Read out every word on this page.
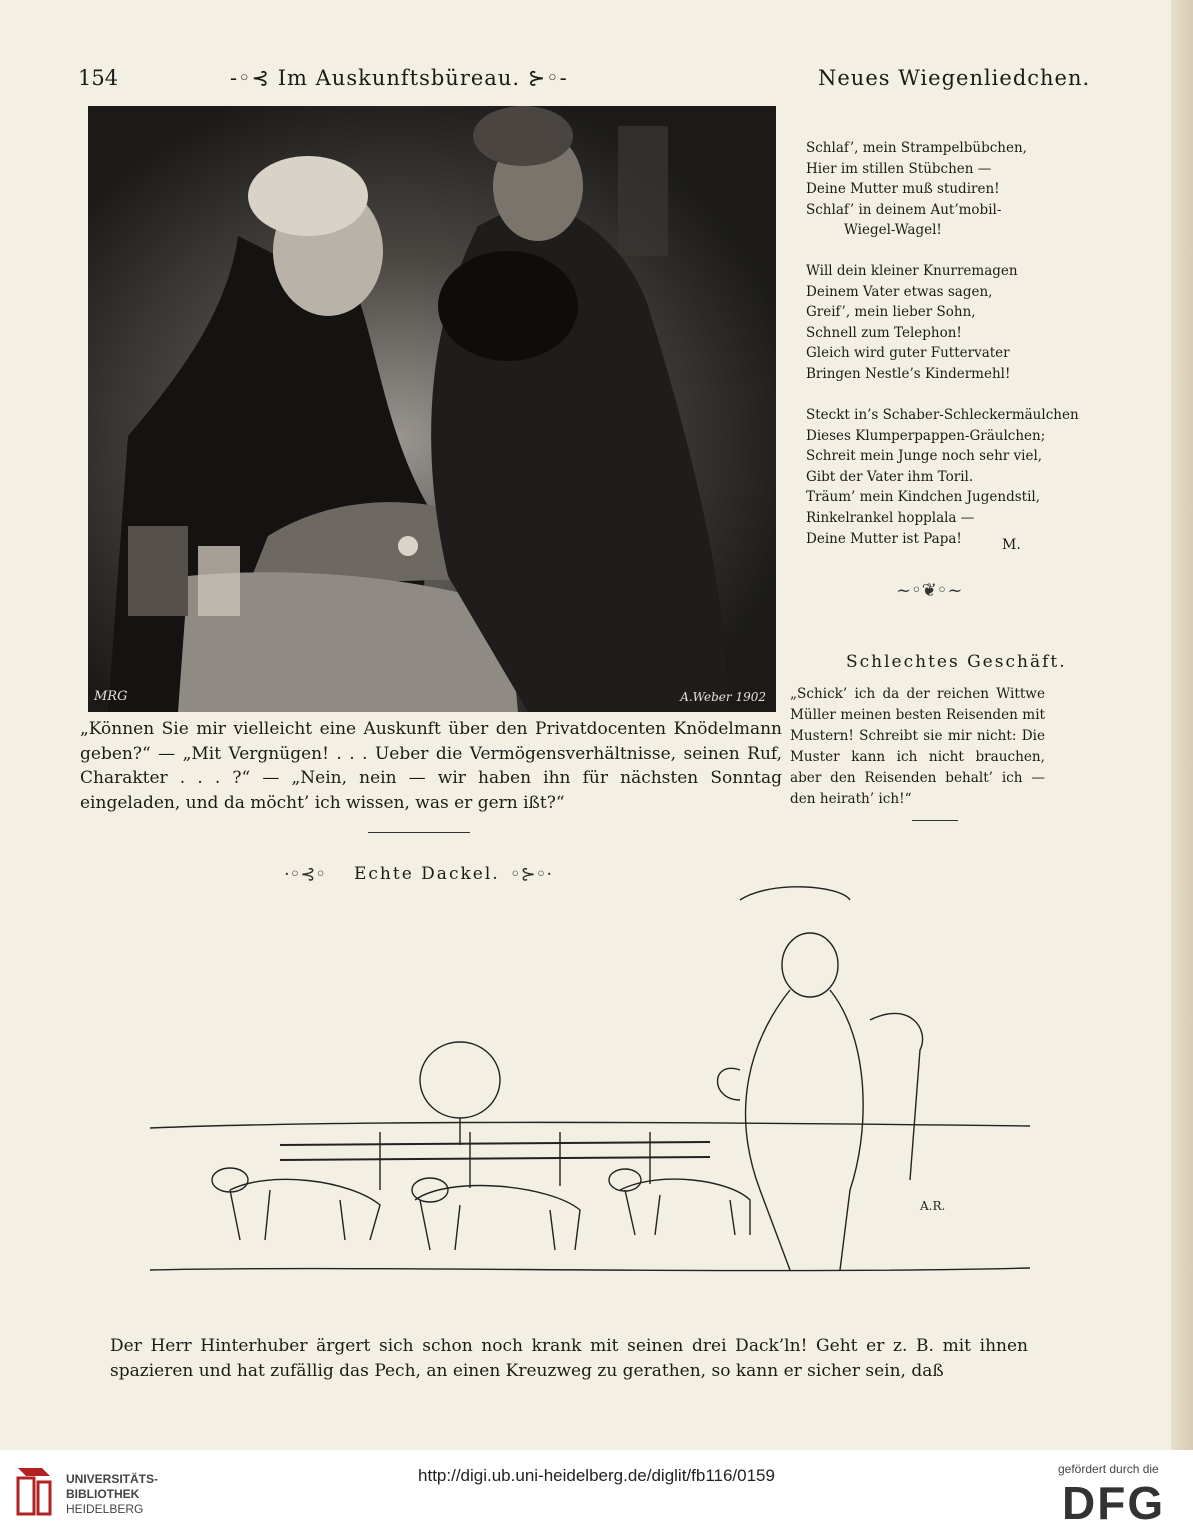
154	-◦⊰ Im Auskunftsbüreau. ⊱◦-	Neues Wiegenliedchen.
MRG	A.Weber 1902
„Können Sie mir vielleicht eine Auskunft über den Privatdocenten Knödelmann geben?“ — „Mit Vergnügen! . . . Ueber die Vermögensverhältnisse, seinen Ruf, Charakter . . . ?“ — „Nein, nein — wir haben ihn für nächsten Sonntag eingeladen, und da möcht’ ich wissen, was er gern ißt?“
Schlaf’, mein Strampelbübchen,
Hier im stillen Stübchen —
Deine Mutter muß studiren!
Schlaf’ in deinem Aut’mobil-
Wiegel-Wagel!
Will dein kleiner Knurremagen
Deinem Vater etwas sagen,
Greif’, mein lieber Sohn,
Schnell zum Telephon!
Gleich wird guter Futtervater
Bringen Nestle’s Kindermehl!
Steckt in’s Schaber-Schleckermäulchen
Dieses Klumperpappen-Gräulchen;
Schreit mein Junge noch sehr viel,
Gibt der Vater ihm Toril.
Träum’ mein Kindchen Jugendstil,
Rinkelrankel hopplala —
Deine Mutter ist Papa!	M.
~◦❦◦~
Schlechtes Geschäft.
„Schick’ ich da der reichen Wittwe Müller meinen besten Reisenden mit Mustern! Schreibt sie mir nicht: Die Muster kann ich nicht brauchen, aber den Reisenden behalt’ ich — den heirath’ ich!“
·◦⊰◦ Echte Dackel. ◦⊱◦·
A.R.
Der Herr Hinterhuber ärgert sich schon noch krank mit seinen drei Dack’ln! Geht er z. B. mit ihnen spazieren und hat zufällig das Pech, an einen Kreuzweg zu gerathen, so kann er sicher sein, daß
UNIVERSITÄTS-
BIBLIOTHEK
HEIDELBERG
http://digi.ub.uni-heidelberg.de/diglit/fb116/0159	gefördert durch die
DFG
